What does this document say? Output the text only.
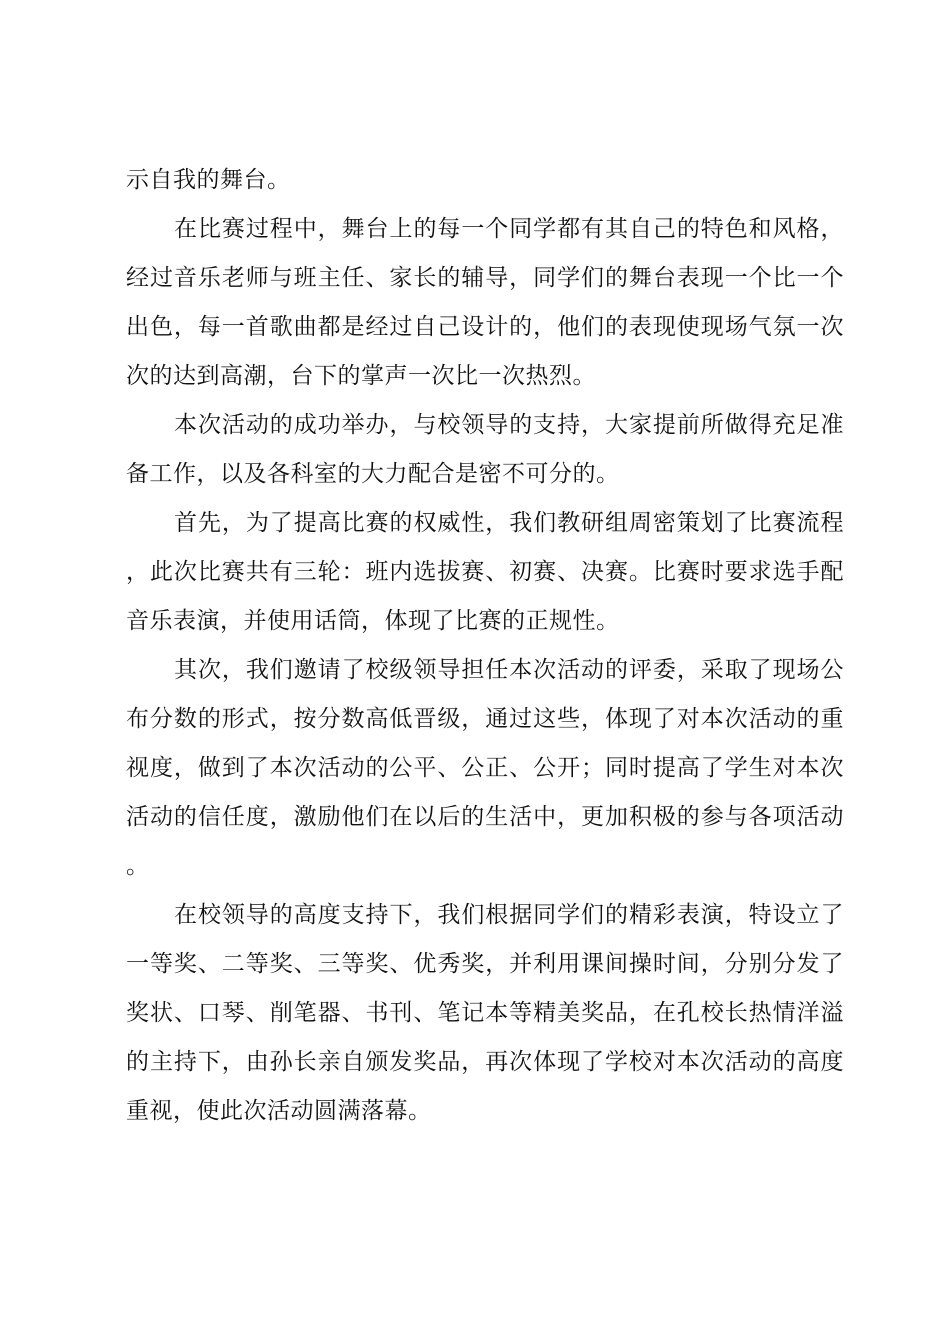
示自我的舞台。

在比赛过程中，舞台上的每一个同学都有其自己的特色和风格，经过音乐老师与班主任、家长的辅导，同学们的舞台表现一个比一个出色，每一首歌曲都是经过自己设计的，他们的表现使现场气氛一次次的达到高潮，台下的掌声一次比一次热烈。

本次活动的成功举办，与校领导的支持，大家提前所做得充足准备工作，以及各科室的大力配合是密不可分的。

首先，为了提高比赛的权威性，我们教研组周密策划了比赛流程，此次比赛共有三轮：班内选拔赛、初赛、决赛。比赛时要求选手配音乐表演，并使用话筒，体现了比赛的正规性。

其次，我们邀请了校级领导担任本次活动的评委，采取了现场公布分数的形式，按分数高低晋级，通过这些，体现了对本次活动的重视度，做到了本次活动的公平、公正、公开；同时提高了学生对本次活动的信任度，激励他们在以后的生活中，更加积极的参与各项活动。

在校领导的高度支持下，我们根据同学们的精彩表演，特设立了一等奖、二等奖、三等奖、优秀奖，并利用课间操时间，分别分发了奖状、口琴、削笔器、书刊、笔记本等精美奖品，在孔校长热情洋溢的主持下，由孙长亲自颁发奖品，再次体现了学校对本次活动的高度重视，使此次活动圆满落幕。
